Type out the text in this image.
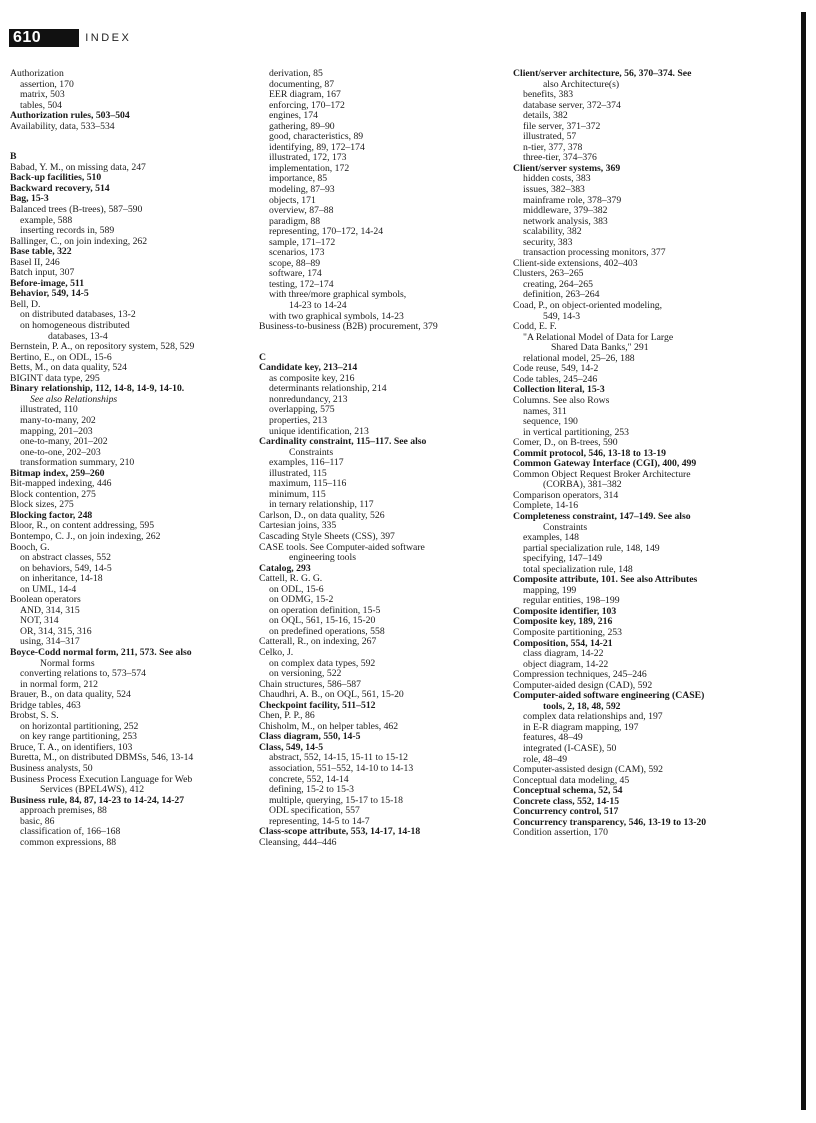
610	INDEX
Authorization
assertion, 170
matrix, 503
tables, 504
Authorization rules, 503–504
Availability, data, 533–534
B
Babad, Y. M., on missing data, 247
Back-up facilities, 510
Backward recovery, 514
Bag, 15-3
Balanced trees (B-trees), 587–590
example, 588
inserting records in, 589
Ballinger, C., on join indexing, 262
Base table, 322
Basel II, 246
Batch input, 307
Before-image, 511
Behavior, 549, 14-5
Bell, D.
on distributed databases, 13-2
on homogeneous distributed
databases, 13-4
Bernstein, P. A., on repository system, 528, 529
Bertino, E., on ODL, 15-6
Betts, M., on data quality, 524
BIGINT data type, 295
Binary relationship, 112, 14-8, 14-9, 14-10.
See also Relationships
illustrated, 110
many-to-many, 202
mapping, 201–203
one-to-many, 201–202
one-to-one, 202–203
transformation summary, 210
Bitmap index, 259–260
Bit-mapped indexing, 446
Block contention, 275
Block sizes, 275
Blocking factor, 248
Bloor, R., on content addressing, 595
Bontempo, C. J., on join indexing, 262
Booch, G.
on abstract classes, 552
on behaviors, 549, 14-5
on inheritance, 14-18
on UML, 14-4
Boolean operators
AND, 314, 315
NOT, 314
OR, 314, 315, 316
using, 314–317
Boyce-Codd normal form, 211, 573. See also
Normal forms
converting relations to, 573–574
in normal form, 212
Brauer, B., on data quality, 524
Bridge tables, 463
Brobst, S. S.
on horizontal partitioning, 252
on key range partitioning, 253
Bruce, T. A., on identifiers, 103
Buretta, M., on distributed DBMSs, 546, 13-14
Business analysts, 50
Business Process Execution Language for Web
Services (BPEL4WS), 412
Business rule, 84, 87, 14-23 to 14-24, 14-27
approach premises, 88
basic, 86
classification of, 166–168
common expressions, 88
derivation, 85
documenting, 87
EER diagram, 167
enforcing, 170–172
engines, 174
gathering, 89–90
good, characteristics, 89
identifying, 89, 172–174
illustrated, 172, 173
implementation, 172
importance, 85
modeling, 87–93
objects, 171
overview, 87–88
paradigm, 88
representing, 170–172, 14-24
sample, 171–172
scenarios, 173
scope, 88–89
software, 174
testing, 172–174
with three/more graphical symbols,
14-23 to 14-24
with two graphical symbols, 14-23
Business-to-business (B2B) procurement, 379
C
Candidate key, 213–214
as composite key, 216
determinants relationship, 214
nonredundancy, 213
overlapping, 575
properties, 213
unique identification, 213
Cardinality constraint, 115–117. See also
Constraints
examples, 116–117
illustrated, 115
maximum, 115–116
minimum, 115
in ternary relationship, 117
Carlson, D., on data quality, 526
Cartesian joins, 335
Cascading Style Sheets (CSS), 397
CASE tools. See Computer-aided software
engineering tools
Catalog, 293
Cattell, R. G. G.
on ODL, 15-6
on ODMG, 15-2
on operation definition, 15-5
on OQL, 561, 15-16, 15-20
on predefined operations, 558
Catterall, R., on indexing, 267
Celko, J.
on complex data types, 592
on versioning, 522
Chain structures, 586–587
Chaudhri, A. B., on OQL, 561, 15-20
Checkpoint facility, 511–512
Chen, P. P., 86
Chisholm, M., on helper tables, 462
Class diagram, 550, 14-5
Class, 549, 14-5
abstract, 552, 14-15, 15-11 to 15-12
association, 551–552, 14-10 to 14-13
concrete, 552, 14-14
defining, 15-2 to 15-3
multiple, querying, 15-17 to 15-18
ODL specification, 557
representing, 14-5 to 14-7
Class-scope attribute, 553, 14-17, 14-18
Cleansing, 444–446
Client/server architecture, 56, 370–374. See
also Architecture(s)
benefits, 383
database server, 372–374
details, 382
file server, 371–372
illustrated, 57
n-tier, 377, 378
three-tier, 374–376
Client/server systems, 369
hidden costs, 383
issues, 382–383
mainframe role, 378–379
middleware, 379–382
network analysis, 383
scalability, 382
security, 383
transaction processing monitors, 377
Client-side extensions, 402–403
Clusters, 263–265
creating, 264–265
definition, 263–264
Coad, P., on object-oriented modeling,
549, 14-3
Codd, E. F.
"A Relational Model of Data for Large
Shared Data Banks," 291
relational model, 25–26, 188
Code reuse, 549, 14-2
Code tables, 245–246
Collection literal, 15-3
Columns. See also Rows
names, 311
sequence, 190
in vertical partitioning, 253
Comer, D., on B-trees, 590
Commit protocol, 546, 13-18 to 13-19
Common Gateway Interface (CGI), 400, 499
Common Object Request Broker Architecture
(CORBA), 381–382
Comparison operators, 314
Complete, 14-16
Completeness constraint, 147–149. See also
Constraints
examples, 148
partial specialization rule, 148, 149
specifying, 147–149
total specialization rule, 148
Composite attribute, 101. See also Attributes
mapping, 199
regular entities, 198–199
Composite identifier, 103
Composite key, 189, 216
Composite partitioning, 253
Composition, 554, 14-21
class diagram, 14-22
object diagram, 14-22
Compression techniques, 245–246
Computer-aided design (CAD), 592
Computer-aided software engineering (CASE)
tools, 2, 18, 48, 592
complex data relationships and, 197
in E-R diagram mapping, 197
features, 48–49
integrated (I-CASE), 50
role, 48–49
Computer-assisted design (CAM), 592
Conceptual data modeling, 45
Conceptual schema, 52, 54
Concrete class, 552, 14-15
Concurrency control, 517
Concurrency transparency, 546, 13-19 to 13-20
Condition assertion, 170
